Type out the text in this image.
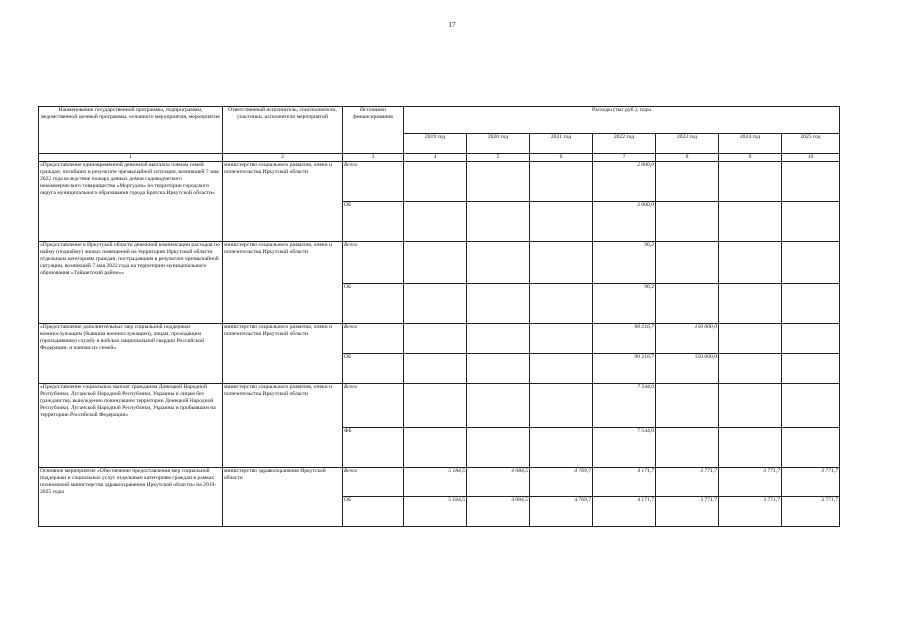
17
Наименование государственной программы, подпрограммы, ведомственной целевой программы, основного мероприятия, мероприятия	Ответственный исполнитель, соисполнители, участники, исполнители мероприятий	Источники финансирования	Расходы (тыс.руб.), годы						
			2019 год	2020 год	2021 год	2022 год	2023 год	2024 год	2025 год
1	2	3	4	5	6	7	8	9	10
«Предоставление единовременной денежной выплаты членам семей граждан, погибших в результате чрезвычайной ситуации, возникшей 7 мая 2022 года вследствие пожара дачных домов садоводческого некоммерческого товарищества «Моргудон» на территории городского округа муниципального образования города Братска Иркутской области»	министерство социального развития, опеки и попечительства Иркутской области	Всего				2 000,0			
		ОБ				2 000,0			
«Предоставление в Иркутской области денежной компенсации расходов по найму (поднайму) жилых помещений на территории Иркутской области отдельным категориям граждан, пострадавшим в результате чрезвычайной ситуации, возникшей 7 мая 2022 года на территории муниципального образования «Тайшетский район»»	министерство социального развития, опеки и попечительства Иркутской области	Всего				90,2			
		ОБ				90,2			
«Предоставление дополнительных мер социальной поддержки военнослужащим (бывшим военнослужащим), лицам, проходящим (проходившим) службу в войсках национальной гвардии Российской Федерации, и членам их семей»	министерство социального развития, опеки и попечительства Иркутской области	Всего				90 216,7	150 000,0		
		ОБ				90 216,7	150 000,0		
«Предоставление социальных выплат гражданам Донецкой Народной Республики, Луганской Народной Республики, Украины и лицам без гражданства, вынужденно покинувшим территории Донецкой Народной Республики, Луганской Народной Республики, Украины и прибывшим на территорию Российской Федерации»	министерство социального развития, опеки и попечительства Иркутской области	Всего				7 544,0			
		ФБ				7 544,0			
Основное мероприятие «Обеспечение предоставления мер социальной поддержки и социальных услуг отдельным категориям граждан в рамках полномочий министерства здравоохранения Иркутской области» на 2019-2025 годы	министерство здравоохранения Иркутской области	Всего	5 184,5	4 084,5	4 769,7	4 171,7	3 771,7	3 771,7	3 771,7
		ОБ	5 184,5	4 084,5	4 769,7	4 171,7	3 771,7	3 771,7	3 771,7
